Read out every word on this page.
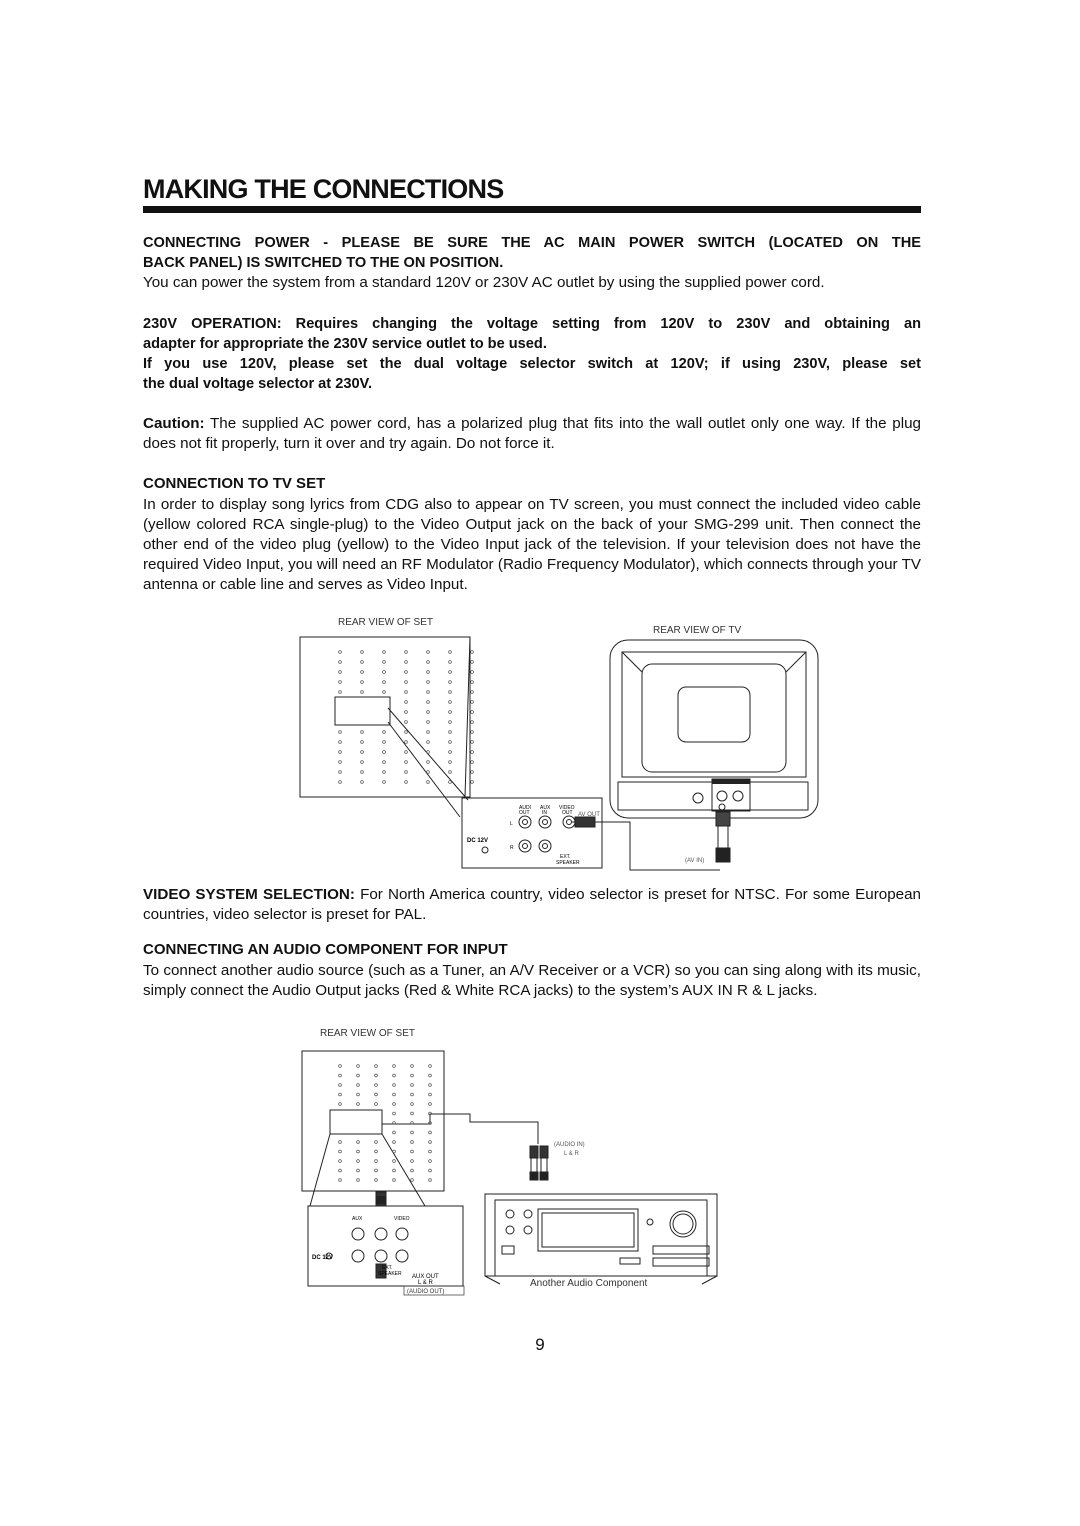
MAKING THE CONNECTIONS
CONNECTING POWER - PLEASE BE SURE THE AC MAIN POWER SWITCH (LOCATED ON THE
BACK PANEL) IS SWITCHED TO THE ON POSITION.
You can power the system from a standard 120V or 230V AC outlet by using the supplied power cord.
230V OPERATION: Requires changing the voltage setting from 120V to 230V and obtaining an
adapter for appropriate the 230V service outlet to be used.
If you use 120V, please set the dual voltage selector switch at 120V; if using 230V, please set
the dual voltage selector at 230V.

Caution: The supplied AC power cord, has a polarized plug that fits into the wall outlet only one way. If the plug does not fit properly, turn it over and try again. Do not force it.

CONNECTION TO TV SET

In order to display song lyrics from CDG also to appear on TV screen, you must connect the included video cable (yellow colored RCA single-plug) to the Video Output jack on the back of your SMG-299 unit. Then connect the other end of the video plug (yellow) to the Video Input jack of the television. If your television does not have the required Video Input, you will need an RF Modulator (Radio Frequency Modulator), which connects through your TV antenna or cable line and serves as Video Input.

REAR VIEW OF SET
REAR VIEW OF TV
AUDI
OUT
AUX
IN
VIDEO
OUT AV OUT
DC 12V
L
R
EXT.
SPEAKER	(AV IN)

VIDEO SYSTEM SELECTION: For North America country, video selector is preset for NTSC. For some European countries, video selector is preset for PAL.

CONNECTING AN AUDIO COMPONENT FOR INPUT

To connect another audio source (such as a Tuner, an A/V Receiver or a VCR) so you can sing along with its music, simply connect the Audio Output jacks (Red & White RCA jacks) to the system’s AUX IN R & L jacks.

REAR VIEW OF SET
(AUDIO IN)
L & R
AUX OUT
L & R
(AUDIO OUT)
Another Audio Component
DC 12V
AUX	VIDEO
EXT.
SPEAKER
9
